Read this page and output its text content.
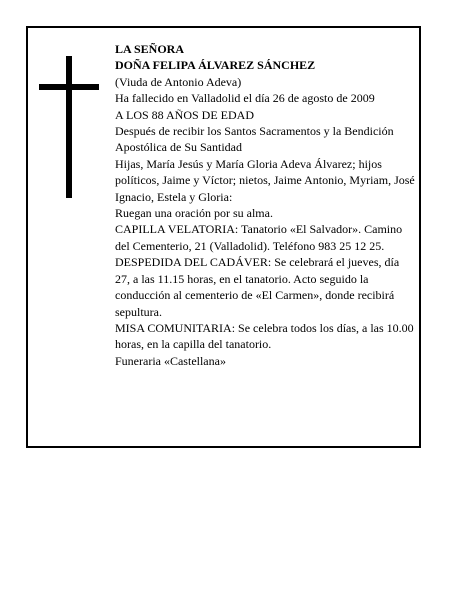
LA SEÑORA

DOÑA FELIPA ÁLVAREZ SÁNCHEZ

(Viuda de Antonio Adeva)

Ha fallecido en Valladolid el día 26 de agosto de 2009

A LOS 88 AÑOS DE EDAD

Después de recibir los Santos Sacramentos y la Bendición Apostólica de Su Santidad

Hijas, María Jesús y María Gloria Adeva Álvarez; hijos políticos, Jaime y Víctor; nietos, Jaime Antonio, Myriam, José Ignacio, Estela y Gloria:

Ruegan una oración por su alma.

CAPILLA VELATORIA: Tanatorio «El Salvador». Camino del Cementerio, 21 (Valladolid). Teléfono 983 25 12 25.

DESPEDIDA DEL CADÁVER: Se celebrará el jueves, día 27, a las 11.15 horas, en el tanatorio. Acto seguido la conducción al cementerio de «El Carmen», donde recibirá sepultura.

MISA COMUNITARIA: Se celebra todos los días, a las 10.00 horas, en la capilla del tanatorio.

Funeraria «Castellana»
